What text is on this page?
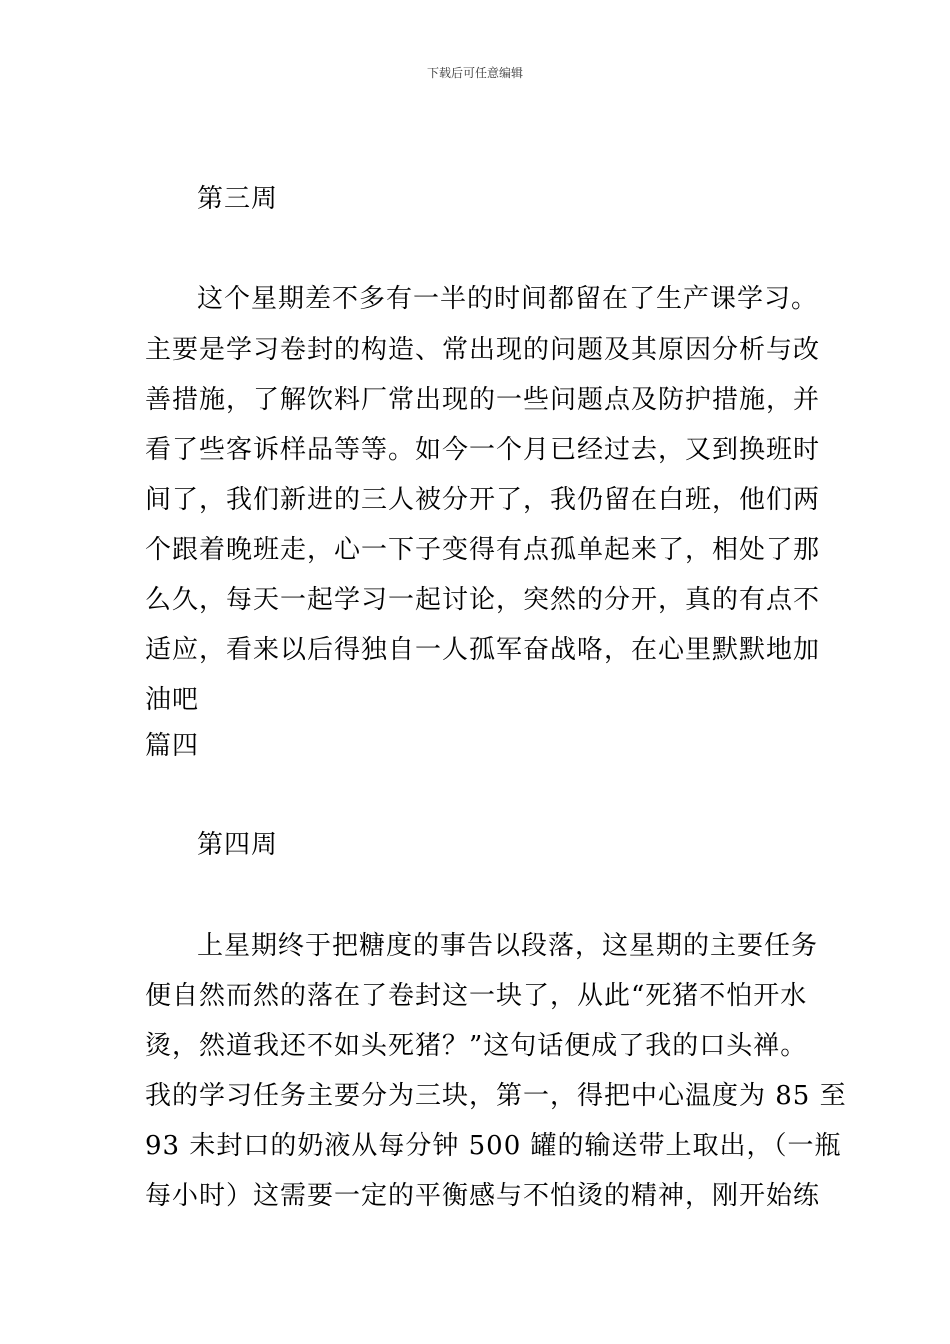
下载后可任意编辑
第三周
这个星期差不多有一半的时间都留在了生产课学习。
主要是学习卷封的构造、常出现的问题及其原因分析与改
善措施，了解饮料厂常出现的一些问题点及防护措施，并
看了些客诉样品等等。如今一个月已经过去，又到换班时
间了，我们新进的三人被分开了，我仍留在白班，他们两
个跟着晚班走，心一下子变得有点孤单起来了，相处了那
么久，每天一起学习一起讨论，突然的分开，真的有点不
适应，看来以后得独自一人孤军奋战咯，在心里默默地加
油吧
篇四
第四周
上星期终于把糖度的事告以段落，这星期的主要任务
便自然而然的落在了卷封这一块了，从此“死猪不怕开水
烫，然道我还不如头死猪？”这句话便成了我的口头禅。
我的学习任务主要分为三块，第一，得把中心温度为 85 至
93 未封口的奶液从每分钟 500 罐的输送带上取出，（一瓶
每小时）这需要一定的平衡感与不怕烫的精神，刚开始练
